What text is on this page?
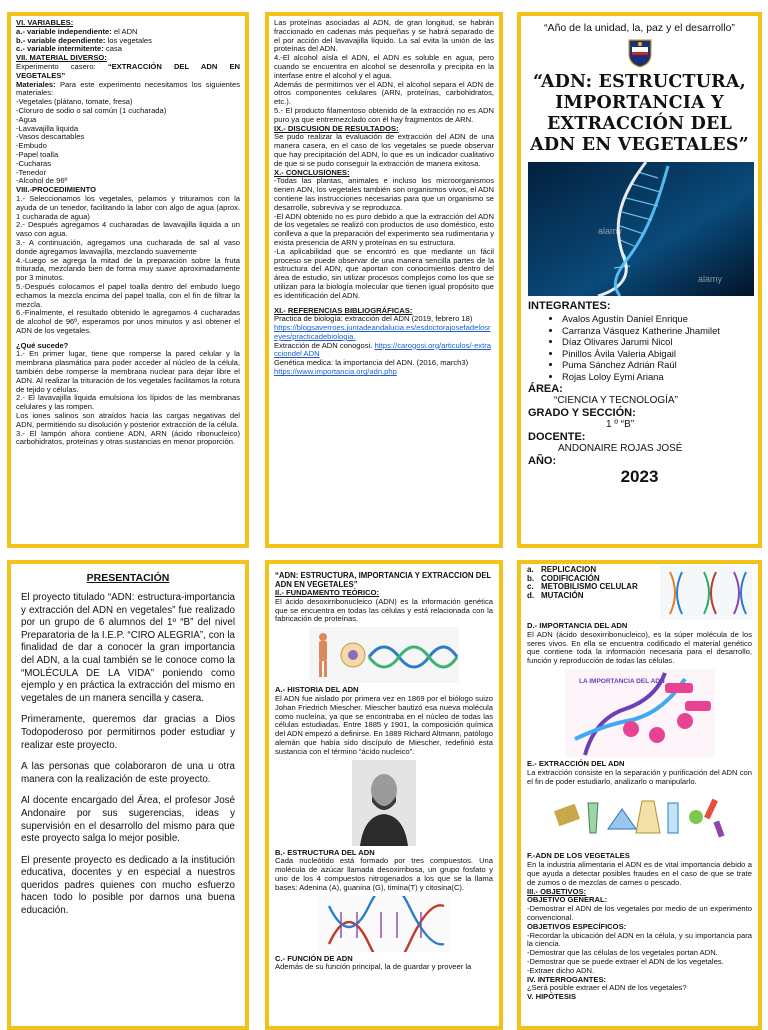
VI. VARIABLES:

a.- variable independiente: el ADN

b.- variable dependiente: los vegetales

c.- variable intermitente: casa

VII. MATERIAL DIVERSO:

Experimento casero: “EXTRACCIÓN DEL ADN EN VEGETALES”

Materiales: Para este experimento necesitamos los siguientes materiales:

-Vegetales (plátano, tomate, fresa)

-Cloruro de sodio o sal común (1 cucharada)

-Agua

-Lavavajilla liquida

-Vasos descartables

-Embudo

-Papel toalla

-Cucharas

-Tenedor

-Alcohol de 96º

VIII.-PROCEDIMIENTO

1.- Seleccionamos los vegetales, pelamos y trituramos con la ayuda de un tenedor, facilitando la labor con algo de agua (aprox. 1 cucharada de agua)

2.- Después agregamos 4 cucharadas de lavavajilla liquida a un vaso con agua.

3.- A continuación, agregamos una cucharada de sal al vaso donde agregamos lavavajilla, mezclando suavemente

4.-Luego se agrega la mitad de la preparación sobre la fruta triturada, mezclando bien de forma muy suave aproximadamente por 3 minutos.

5.-Después colocamos el papel toalla dentro del embudo luego echamos la mezcla encima del papel toalla, con el fin de filtrar la mezcla.

6.-Finalmente, el resultado obtenido le agregamos 4 cucharadas de alcohol de 96º, esperamos por unos minutos y así obtener el ADN de los vegetales.

¿Qué sucede?

1.- En primer lugar, tiene que romperse la pared celular y la membrana plasmática para poder acceder al núcleo de la célula, también debe romperse la membrana nuclear para dejar libre el ADN. Al realizar la trituración de los vegetales facilitamos la rotura de tejido y células.

2.- El lavavajilla liquida emulsiona los lípidos de las membranas celulares y las rompen.

Los iones salinos son atraídos hacia las cargas negativas del ADN, permitiendo su disolución y posterior extracción de la célula.

3.- El lampón ahora contiene ADN, ARN (ácido ribonucleico) carbohidratos, proteínas y otras sustancias en menor proporción.

Las proteínas asociadas al ADN, de gran longitud, se habrán fraccionado en cadenas más pequeñas y se habrá separado de el por acción del lavavajilla líquido. La sal evita la unión de las proteínas del ADN.

4.-El alcohol aísla el ADN, el ADN es soluble en agua, pero cuando se encuentra en alcohol se desenrolla y precipita en la interfase entre el alcohol y el agua.

Además de permitirnos ver el ADN, el alcohol separa el ADN de otros componentes celulares (ARN, proteínas, carbohidratos, etc.).

5.- El producto filamentoso obtenido de la extracción no es ADN puro ya que entremezclado con él hay fragmentos de ARN.

IX.- DISCUSION DE RESULTADOS:

Se pudo realizar la evaluación de extracción del ADN de una manera casera, en el caso de los vegetales se puede observar que hay precipitación del ADN, lo que es un indicador cualitativo de que si se pudo conseguir la extracción de manera exitosa.

X.- CONCLUSIONES:

-Todas las plantas, animales e incluso los microorganismos tienen ADN, los vegetales también son organismos vivos, el ADN contiene las instrucciones necesarias para que un organismo se desarrolle, sobreviva y se reproduzca.

-El ADN obtenido no es puro debido a que la extracción del ADN de los vegetales se realizó con productos de uso doméstico, esto conlleva a que la preparación del experimento sea rudimentaria y exista presencia de ARN y proteínas en su estructura.

-La aplicabilidad que se encontró es que mediante un fácil proceso se puede observar de una manera sencilla partes de la estructura del ADN, que aportan con conocimientos dentro del área de estudio, sin utilizar procesos complejos como los que se utilizan para la biología molecular que tienen igual propósito que es identificación del ADN.

XI.- REFERENCIAS BIBLIOGRÁFICAS:

Practica de biología: extracción del ADN (2019, febrero 18)

https://blogsaverroes.juntadeandalucia.es/esdoctorajosefadelosreyes/practicadebiologia.

Extracción de ADN conogosi. https://carogosi.org/articulos/-extracciondel ADN

Genética medica: la importancia del ADN. (2016, march3)

https://www.importancia.org/adn.php

“Año de la unidad, la, paz y el desarrollo”

“ADN: ESTRUCTURA, IMPORTANCIA Y EXTRACCIÓN DEL ADN EN VEGETALES”

alamy
alamy

INTEGRANTES:

• Avalos Agustín Daniel Enrique
• Carranza Vásquez Katherine Jhamilet
• Díaz Olivares Jarumi Nicol
• Pinillos Ávila Valeria Abigail
• Puma Sánchez Adrián Raúl
• Rojas Loloy Eymi Ariana

ÁREA:

“CIENCIA Y TECNOLOGÍA”

GRADO Y SECCIÓN:

1 º “B”

DOCENTE:

ANDONAIRE ROJAS JOSÉ

AÑO:

2023

PRESENTACIÓN

El proyecto titulado “ADN: estructura-importancia y extracción del ADN en vegetales” fue realizado por un grupo de 6 alumnos del 1º “B” del nivel Preparatoria de la I.E.P. “CIRO ALEGRIA”, con la finalidad de dar a conocer la gran importancia del ADN, a la cual también se le conoce como la “MOLÉCULA DE LA VIDA” poniendo como ejemplo y en práctica la extracción del mismo en vegetales de un manera sencilla y casera.

Primeramente, queremos dar gracias a Dios Todopoderoso por permitirnos poder estudiar y realizar este proyecto.

A las personas que colaboraron de una u otra manera con la realización de este proyecto.

Al docente encargado del Área, el profesor José Andonaire por sus sugerencias, ideas y supervisión en el desarrollo del mismo para que este proyecto salga lo mejor posible.

El presente proyecto es dedicado a la institución educativa, docentes y en especial a nuestros queridos padres quienes con mucho esfuerzo hacen todo lo posible por darnos una buena educación.

“ADN: ESTRUCTURA, IMPORTANCIA Y EXTRACCION DEL ADN EN VEGETALES”

II.- FUNDAMENTO TEÓRICO:

El ácido desoxirribonucleico (ADN) es la información genética que se encuentra en todas las células y está relacionada con la fabricación de proteínas.

A.- HISTORIA DEL ADN

El ADN fue aislado por primera vez en 1869 por el biólogo suizo Johan Friedrich Miescher. Miescher bautizó esa nueva molécula como nucleína, ya que se encontraba en el núcleo de todas las células estudiadas. Entre 1885 y 1901, la composición química del ADN empezó a definirse. En 1889 Richard Altmann, patólogo alemán que había sido discípulo de Miescher, redefinió esta sustancia con el término “ácido nucleico”.

B.- ESTRUCTURA DEL ADN

Cada nucleótido está formado por tres compuestos. Una molécula de azúcar llamada desoxirribosa, un grupo fosfato y uno de los 4 compuestos nitrogenados a los que se la llama bases: Adenina (A), guanina (G), timina(T) y citosina(C).

C.- FUNCIÓN DE ADN

Además de su función principal, la de guardar y proveer la

a. REPLICACION
b. CODIFICACIÓN
c. METOBILISMO CELULAR
d. MUTACIÓN

D.- IMPORTANCIA DEL ADN

El ADN (ácido desoxirribonucleico), es la súper molécula de los seres vivos. En ella se encuentra codificado el material genético que contiene toda la información necesaria para el desarrollo, función y reproducción de todas las células.

LA IMPORTANCIA DEL ADN

E.- EXTRACCIÓN DEL ADN

La extracción consiste en la separación y purificación del ADN con el fin de poder estudiarlo, analizarlo o manipularlo.

F.-ADN DE LOS VEGETALES

En la industria alimentaria el ADN es de vital importancia debido a que ayuda a detectar posibles fraudes en el caso de que se trate de zumos o de mezclas de carnes o pescado.

III.- OBJETIVOS:

OBJETIVO GENERAL:

-Demostrar el ADN de los vegetales por medio de un experimento convencional.

OBJETIVOS ESPECÍFICOS:

-Recordar la ubicación del ADN en la célula, y su importancia para la ciencia.

-Demostrar que las células de los vegetales portan ADN.

-Demostrar que se puede extraer el ADN de los vegetales.

-Extraer dicho ADN.

IV. INTERROGANTES:

¿Será posible extraer el ADN de los vegetales?

V. HIPÓTESIS
